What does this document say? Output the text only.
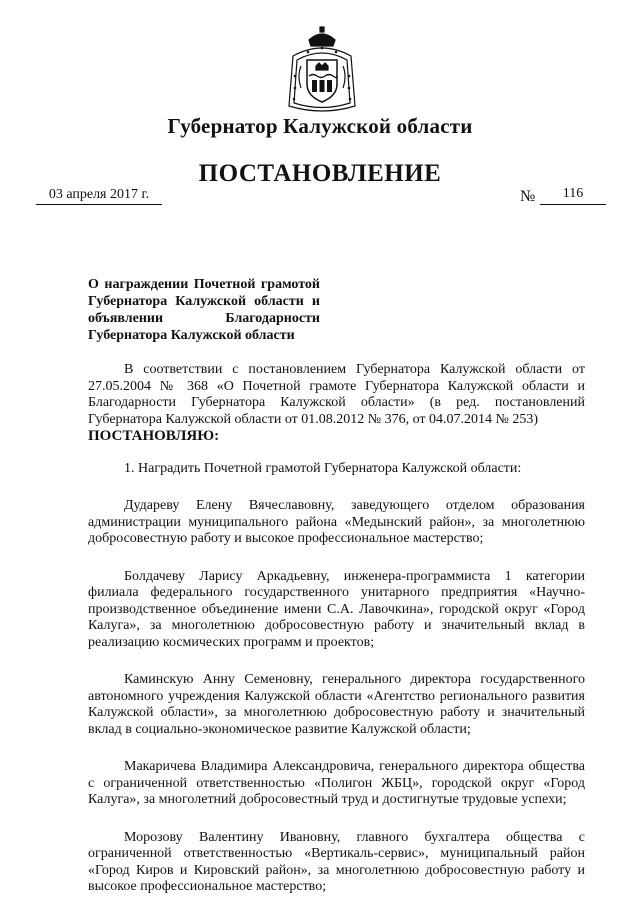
Губернатор Калужской области
ПОСТАНОВЛЕНИЕ
03 апреля 2017 г.	№	116
О награждении Почетной грамотой Губернатора Калужской области и объявлении Благодарности Губернатора Калужской области

В соответствии с постановлением Губернатора Калужской области от 27.05.2004 № 368 «О Почетной грамоте Губернатора Калужской области и Благодарности Губернатора Калужской области» (в ред. постановлений Губернатора Калужской области от 01.08.2012 № 376, от 04.07.2014 № 253)

ПОСТАНОВЛЯЮ:

1. Наградить Почетной грамотой Губернатора Калужской области:

Дудареву Елену Вячеславовну, заведующего отделом образования администрации муниципального района «Медынский район», за многолетнюю добросовестную работу и высокое профессиональное мастерство;

Болдачеву Ларису Аркадьевну, инженера-программиста 1 категории филиала федерального государственного унитарного предприятия «Научно-производственное объединение имени С.А. Лавочкина», городской округ «Город Калуга», за многолетнюю добросовестную работу и значительный вклад в реализацию космических программ и проектов;

Каминскую Анну Семеновну, генерального директора государственного автономного учреждения Калужской области «Агентство регионального развития Калужской области», за многолетнюю добросовестную работу и значительный вклад в социально-экономическое развитие Калужской области;

Макаричева Владимира Александровича, генерального директора общества с ограниченной ответственностью «Полигон ЖБЦ», городской округ «Город Калуга», за многолетний добросовестный труд и достигнутые трудовые успехи;

Морозову Валентину Ивановну, главного бухгалтера общества с ограниченной ответственностью «Вертикаль-сервис», муниципальный район «Город Киров и Кировский район», за многолетнюю добросовестную работу и высокое профессиональное мастерство;
